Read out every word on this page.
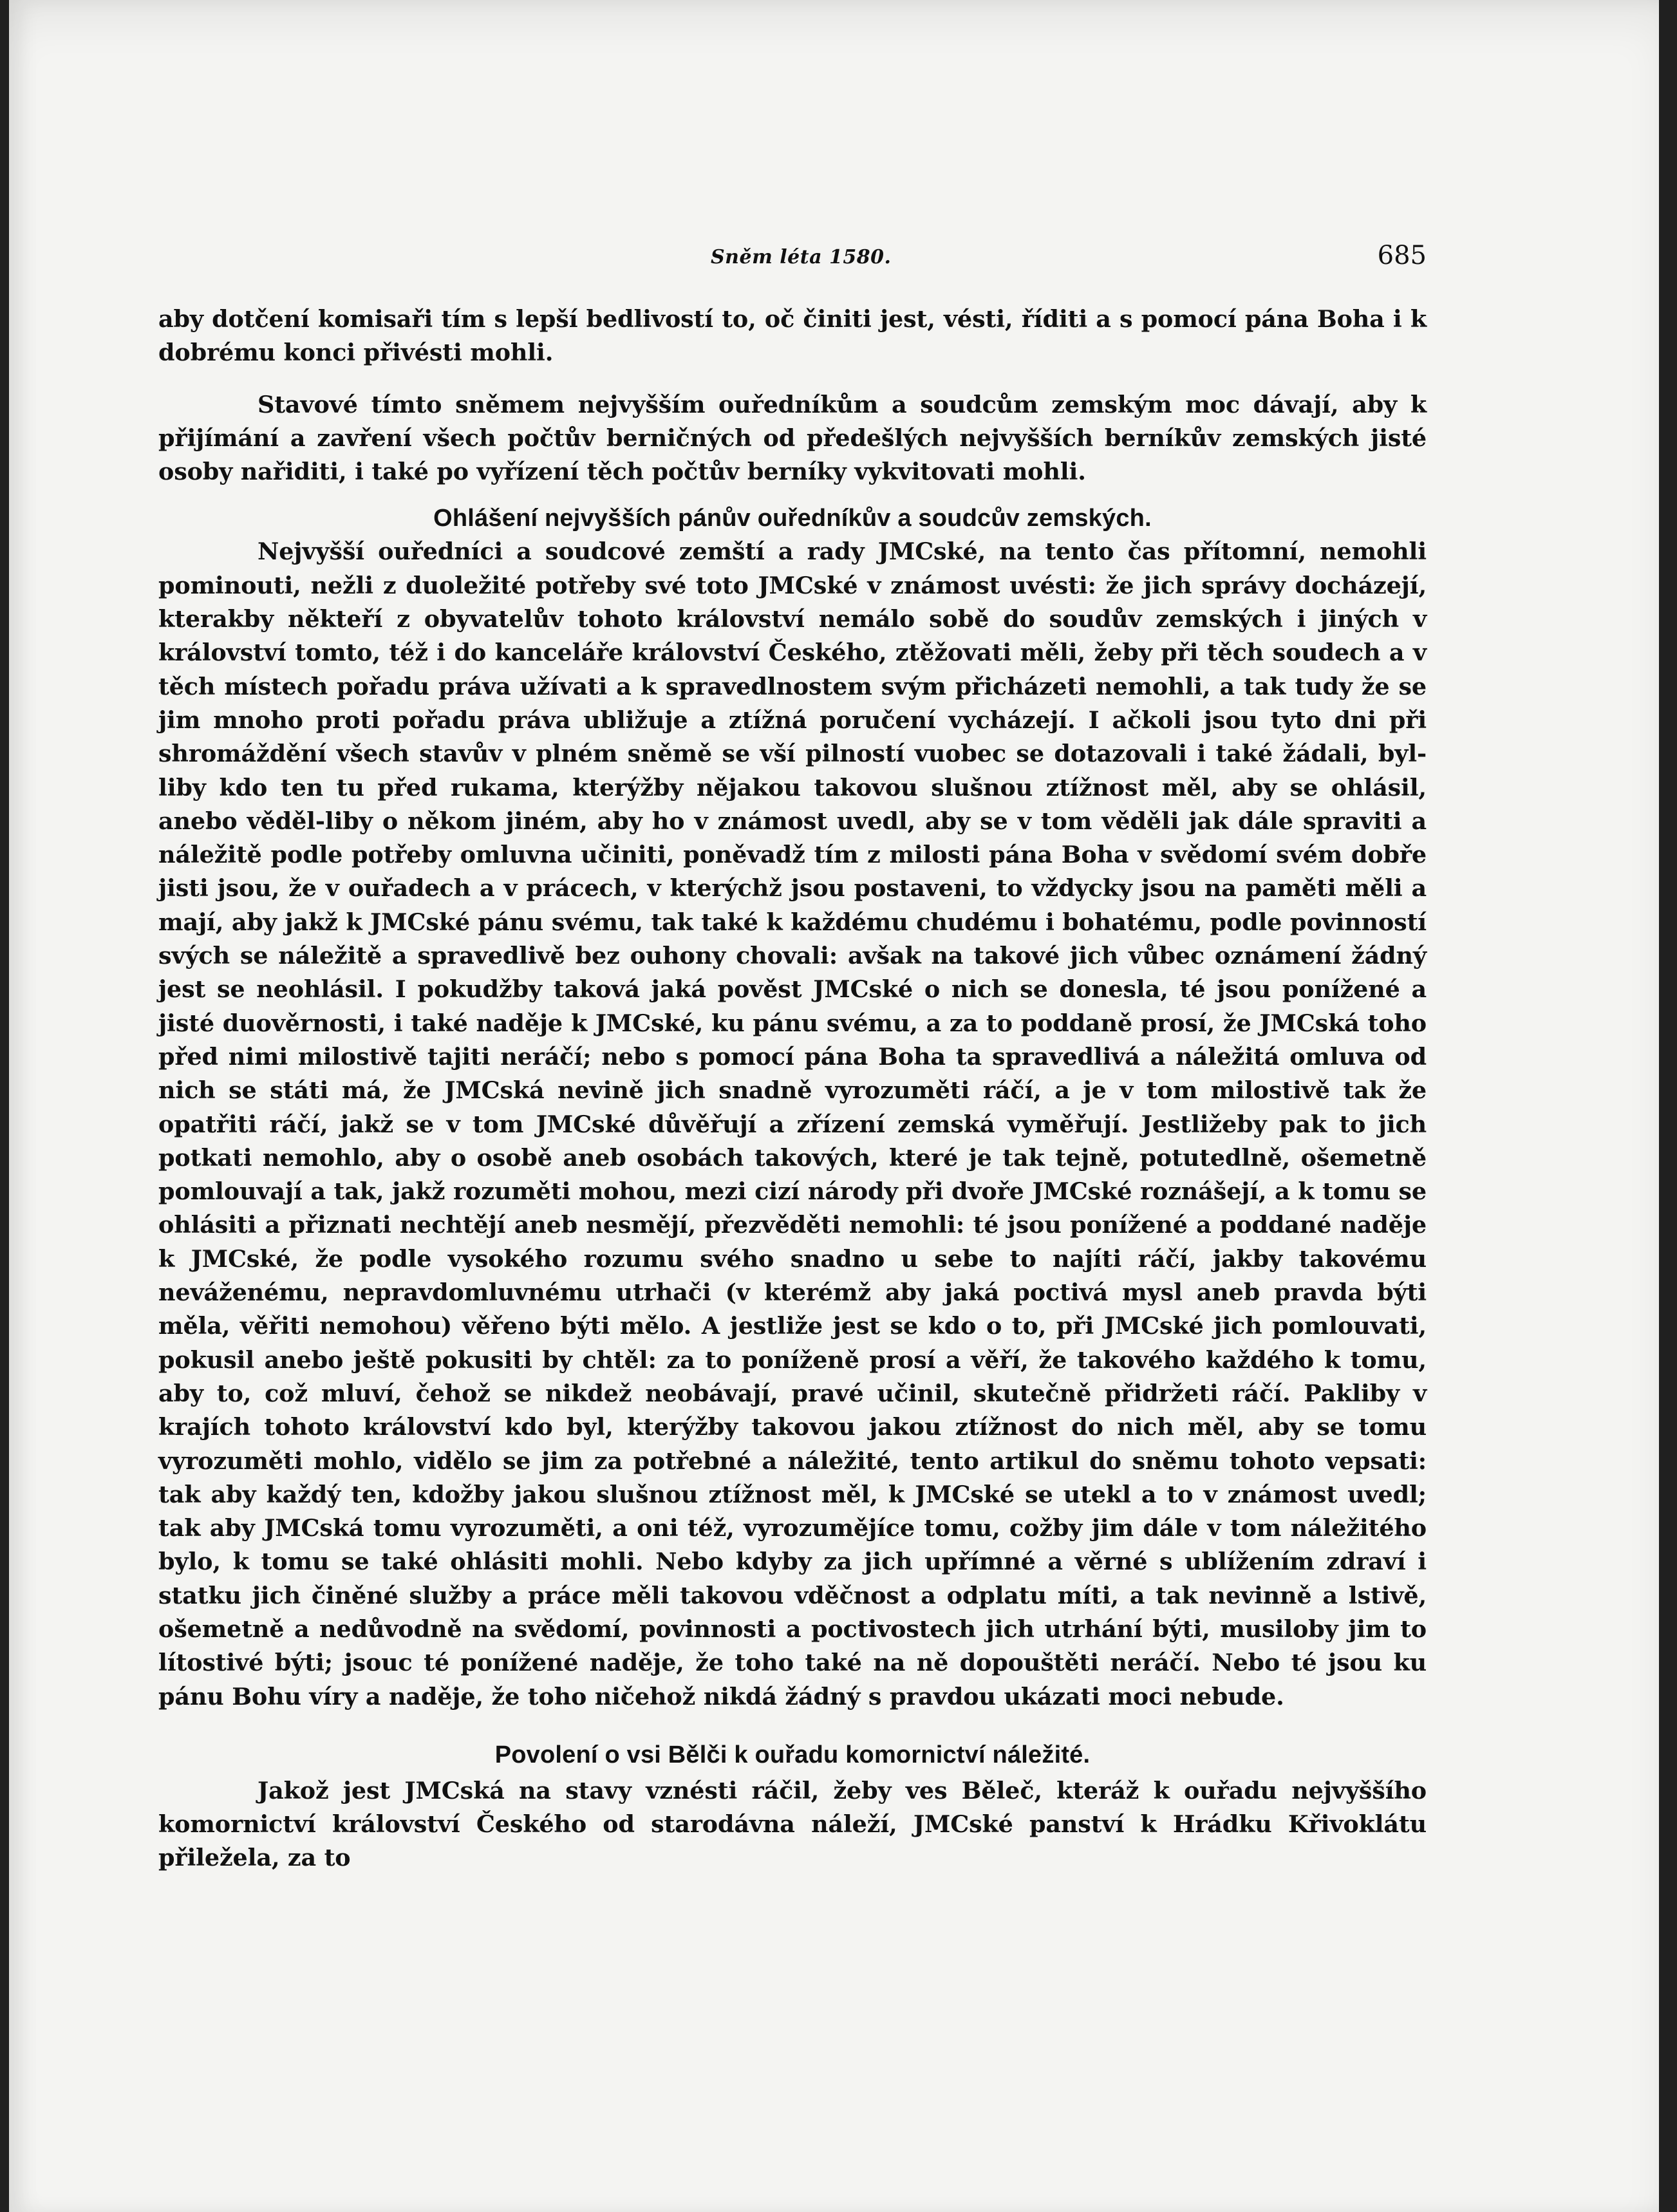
Sněm léta 1580.	685

aby dotčení komisaři tím s lepší bedlivostí to, oč činiti jest, vésti, říditi a s pomocí pána Boha i k dobrému konci přivésti mohli.

Stavové tímto sněmem nejvyšším ouředníkům a soudcům zemským moc dávají, aby k přijímání a zavření všech počtův berničných od předešlých nejvyšších berníkův zemských jisté osoby nařiditi, i také po vyřízení těch počtův berníky vykvitovati mohli.

Ohlášení nejvyšších pánův ouředníkův a soudcův zemských.

Nejvyšší ouředníci a soudcové zemští a rady JMCské, na tento čas přítomní, nemohli pominouti, nežli z duoležité potřeby své toto JMCské v známost uvésti: že jich správy docházejí, kterakby někteří z obyvatelův tohoto království nemálo sobě do soudův zemských i jiných v království tomto, též i do kanceláře království Českého, ztěžovati měli, žeby při těch soudech a v těch místech pořadu práva užívati a k spravedlnostem svým přicházeti nemohli, a tak tudy že se jim mnoho proti pořadu práva ubližuje a ztížná poručení vycházejí. I ačkoli jsou tyto dni při shromáždění všech stavův v plném sněmě se vší pilností vuobec se dotazovali i také žádali, byl-liby kdo ten tu před rukama, kterýžby nějakou takovou slušnou ztížnost měl, aby se ohlásil, anebo věděl-liby o někom jiném, aby ho v známost uvedl, aby se v tom věděli jak dále spraviti a náležitě podle potřeby omluvna učiniti, poněvadž tím z milosti pána Boha v svědomí svém dobře jisti jsou, že v ouřadech a v prácech, v kterýchž jsou postaveni, to vždycky jsou na paměti měli a mají, aby jakž k JMCské pánu svému, tak také k každému chudému i bohatému, podle povinností svých se náležitě a spravedlivě bez ouhony chovali: avšak na takové jich vůbec oznámení žádný jest se neohlásil. I pokudžby taková jaká pověst JMCské o nich se donesla, té jsou ponížené a jisté duověrnosti, i také naděje k JMCské, ku pánu svému, a za to poddaně prosí, že JMCská toho před nimi milostivě tajiti neráčí; nebo s pomocí pána Boha ta spravedlivá a náležitá omluva od nich se státi má, že JMCská nevině jich snadně vyrozuměti ráčí, a je v tom milostivě tak že opatřiti ráčí, jakž se v tom JMCské důvěřují a zřízení zemská vyměřují. Jestližeby pak to jich potkati nemohlo, aby o osobě aneb osobách takových, které je tak tejně, potutedlně, ošemetně pomlouvají a tak, jakž rozuměti mohou, mezi cizí národy při dvoře JMCské roznášejí, a k tomu se ohlásiti a přiznati nechtějí aneb nesmějí, přezvěděti nemohli: té jsou ponížené a poddané naděje k JMCské, že podle vysokého rozumu svého snadno u sebe to najíti ráčí, jakby takovému neváženému, nepravdomluvnému utrhači (v kterémž aby jaká poctivá mysl aneb pravda býti měla, věřiti nemohou) věřeno býti mělo. A jestliže jest se kdo o to, při JMCské jich pomlouvati, pokusil anebo ještě pokusiti by chtěl: za to poníženě prosí a věří, že takového každého k tomu, aby to, což mluví, čehož se nikdež neobávají, pravé učinil, skutečně přidržeti ráčí. Pakliby v krajích tohoto království kdo byl, kterýžby takovou jakou ztížnost do nich měl, aby se tomu vyrozuměti mohlo, vidělo se jim za potřebné a náležité, tento artikul do sněmu tohoto vepsati: tak aby každý ten, kdožby jakou slušnou ztížnost měl, k JMCské se utekl a to v známost uvedl; tak aby JMCská tomu vyrozuměti, a oni též, vyrozumějíce tomu, cožby jim dále v tom náležitého bylo, k tomu se také ohlásiti mohli. Nebo kdyby za jich upřímné a věrné s ublížením zdraví i statku jich činěné služby a práce měli takovou vděčnost a odplatu míti, a tak nevinně a lstivě, ošemetně a nedůvodně na svědomí, povinnosti a poctivostech jich utrhání býti, musiloby jim to lítostivé býti; jsouc té ponížené naděje, že toho také na ně dopouštěti neráčí. Nebo té jsou ku pánu Bohu víry a naděje, že toho ničehož nikdá žádný s pravdou ukázati moci nebude.

Povolení o vsi Bělči k ouřadu komornictví náležité.

Jakož jest JMCská na stavy vznésti ráčil, žeby ves Běleč, kteráž k ouřadu nejvyššího komornictví království Českého od starodávna náleží, JMCské panství k Hrádku Křivoklátu přiležela, za to
